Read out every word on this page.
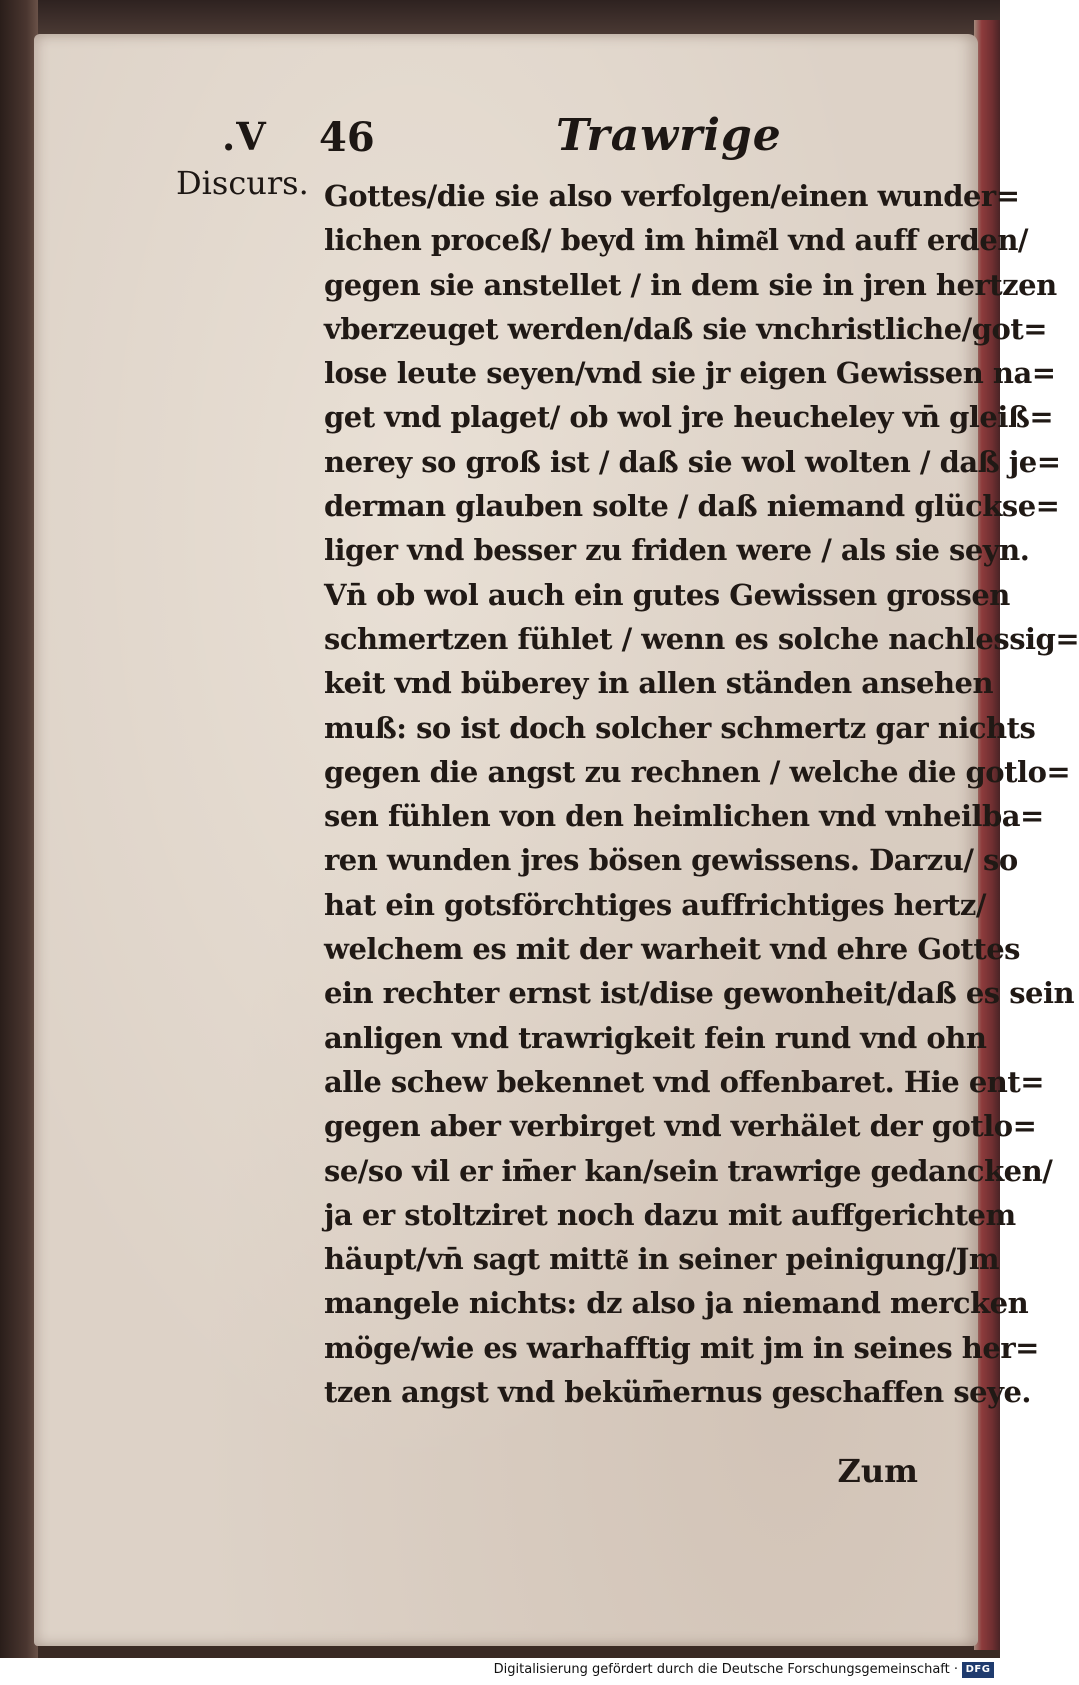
.V 46	Trawrige
Discurs. Gottes/die sie also verfolgen/einen wunder=
lichen proceß/ beyd im hime͂l vnd auff erden/
gegen sie anstellet / in dem sie in jren hertzen
vberzeuget werden/daß sie vnchristliche/got=
lose leute seyen/vnd sie jr eigen Gewissen na=
get vnd plaget/ ob wol jre heucheley vn̄ gleiß=
nerey so groß ist / daß sie wol wolten / daß je=
derman glauben solte / daß niemand glückse=
liger vnd besser zu friden were / als sie seyn.
Vn̄ ob wol auch ein gutes Gewissen grossen
schmertzen fühlet / wenn es solche nachlessig=
keit vnd büberey in allen ständen ansehen
muß: so ist doch solcher schmertz gar nichts
gegen die angst zu rechnen / welche die gotlo=
sen fühlen von den heimlichen vnd vnheilba=
ren wunden jres bösen gewissens. Darzu/ so
hat ein gotsförchtiges auffrichtiges hertz/
welchem es mit der warheit vnd ehre Gottes
ein rechter ernst ist/dise gewonheit/daß es sein
anligen vnd trawrigkeit fein rund vnd ohn
alle schew bekennet vnd offenbaret. Hie ent=
gegen aber verbirget vnd verhälet der gotlo=
se/so vil er im̄er kan/sein trawrige gedancken/
ja er stoltziret noch dazu mit auffgerichtem
häupt/vn̄ sagt mitte͂ in seiner peinigung/Jm
mangele nichts: dz also ja niemand mercken
möge/wie es warhafftig mit jm in seines her=
tzen angst vnd beküm̄ernus geschaffen seye.
Zum
Digitalisierung gefördert durch die Deutsche Forschungsgemeinschaft · DFG
